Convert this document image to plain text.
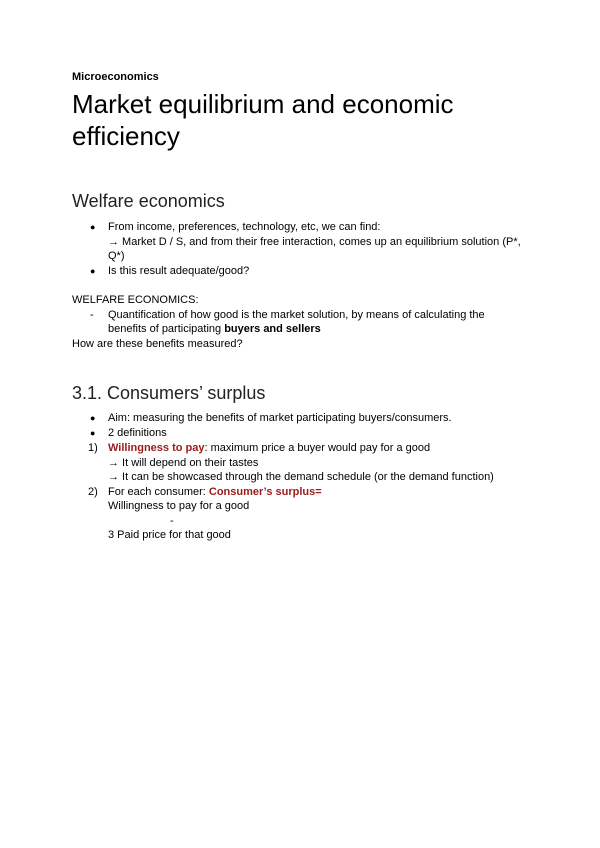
Microeconomics
Market equilibrium and economic efficiency
Welfare economics
● From income, preferences, technology, etc, we can find:
→ Market D / S, and from their free interaction, comes up an equilibrium solution (P*,
Q*)
● Is this result adequate/good?
WELFARE ECONOMICS:
- Quantification of how good is the market solution, by means of calculating the
benefits of participating buyers and sellers
How are these benefits measured?
3.1. Consumers’ surplus
● Aim: measuring the benefits of market participating buyers/consumers.
● 2 definitions
1) Willingness to pay: maximum price a buyer would pay for a good
→ It will depend on their tastes
→ It can be showcased through the demand schedule (or the demand function)
2) For each consumer: Consumer’s surplus=
Willingness to pay for a good
-
3 Paid price for that good
